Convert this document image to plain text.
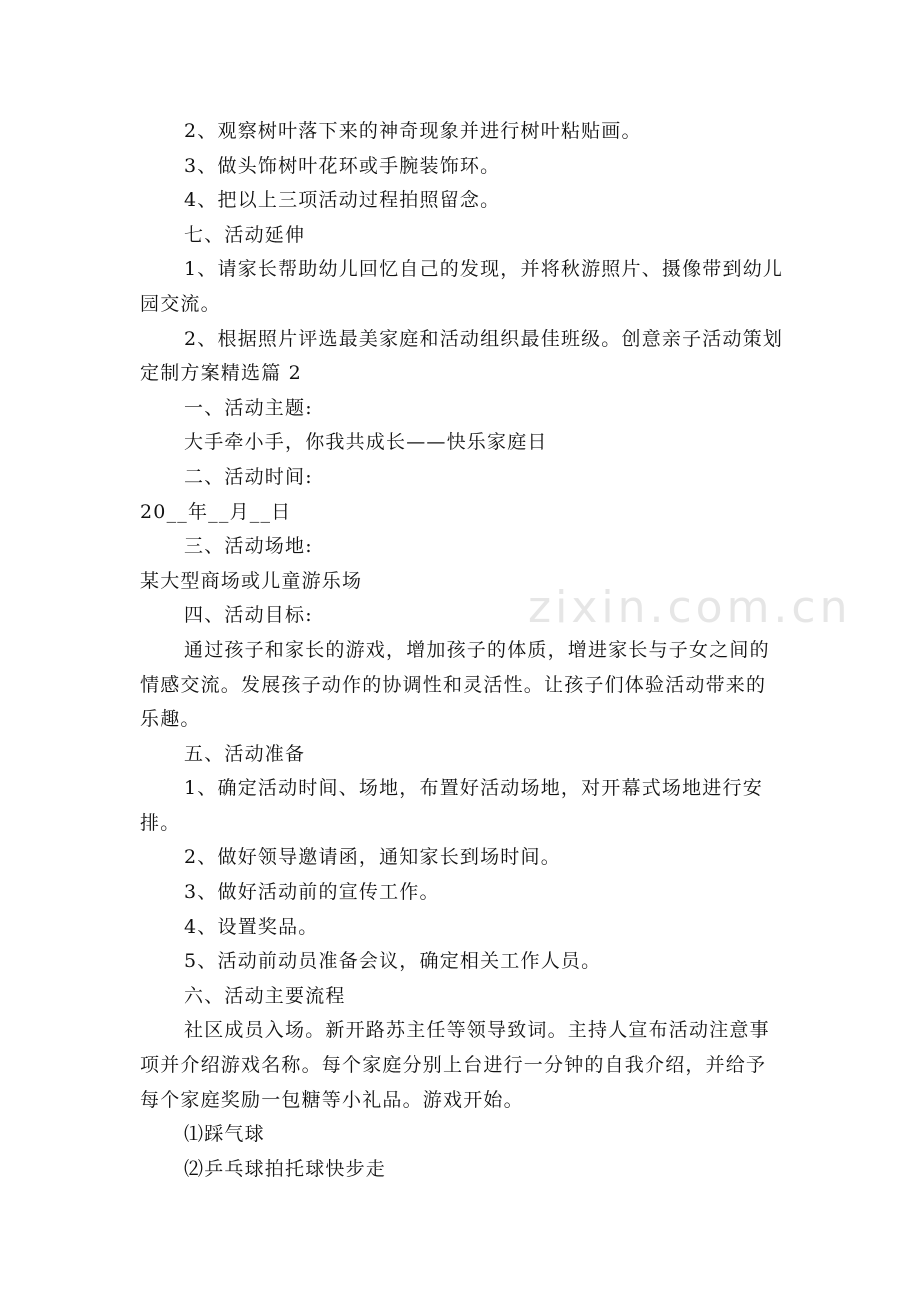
zixin.com.cn

2、观察树叶落下来的神奇现象并进行树叶粘贴画。

3、做头饰树叶花环或手腕装饰环。

4、把以上三项活动过程拍照留念。

七、活动延伸

1、请家长帮助幼儿回忆自己的发现，并将秋游照片、摄像带到幼儿园交流。

2、根据照片评选最美家庭和活动组织最佳班级。创意亲子活动策划定制方案精选篇 2

一、活动主题:

大手牵小手，你我共成长——快乐家庭日

二、活动时间:

20__年__月__日

三、活动场地:

某大型商场或儿童游乐场

四、活动目标:

通过孩子和家长的游戏，增加孩子的体质，增进家长与子女之间的情感交流。发展孩子动作的协调性和灵活性。让孩子们体验活动带来的乐趣。

五、活动准备

1、确定活动时间、场地，布置好活动场地，对开幕式场地进行安排。

2、做好领导邀请函，通知家长到场时间。

3、做好活动前的宣传工作。

4、设置奖品。

5、活动前动员准备会议，确定相关工作人员。

六、活动主要流程

社区成员入场。新开路苏主任等领导致词。主持人宣布活动注意事项并介绍游戏名称。每个家庭分别上台进行一分钟的自我介绍，并给予每个家庭奖励一包糖等小礼品。游戏开始。

⑴踩气球

⑵乒乓球拍托球快步走
